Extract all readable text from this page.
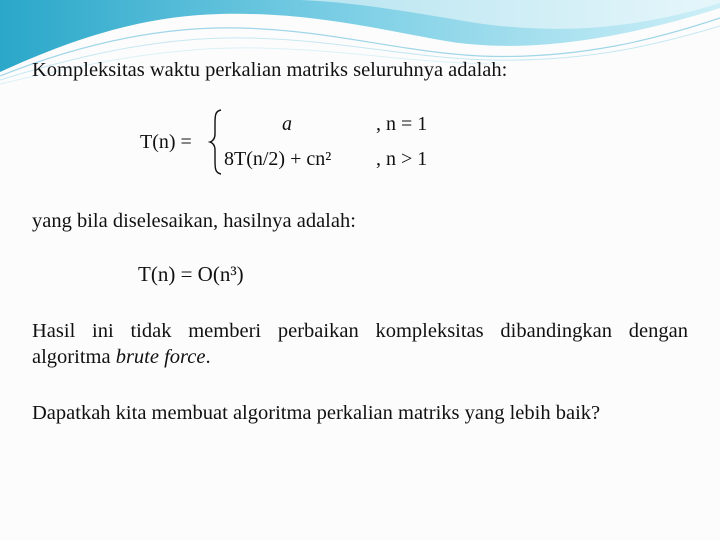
Kompleksitas waktu perkalian matriks seluruhnya adalah:
T(n) =
a	, n = 1
8T(n/2) + cn² , n > 1
yang bila diselesaikan, hasilnya adalah:
T(n) = O(n³)
Hasil ini tidak memberi perbaikan kompleksitas dibandingkan dengan algoritma brute force.
Dapatkah kita membuat algoritma perkalian matriks yang lebih baik?
